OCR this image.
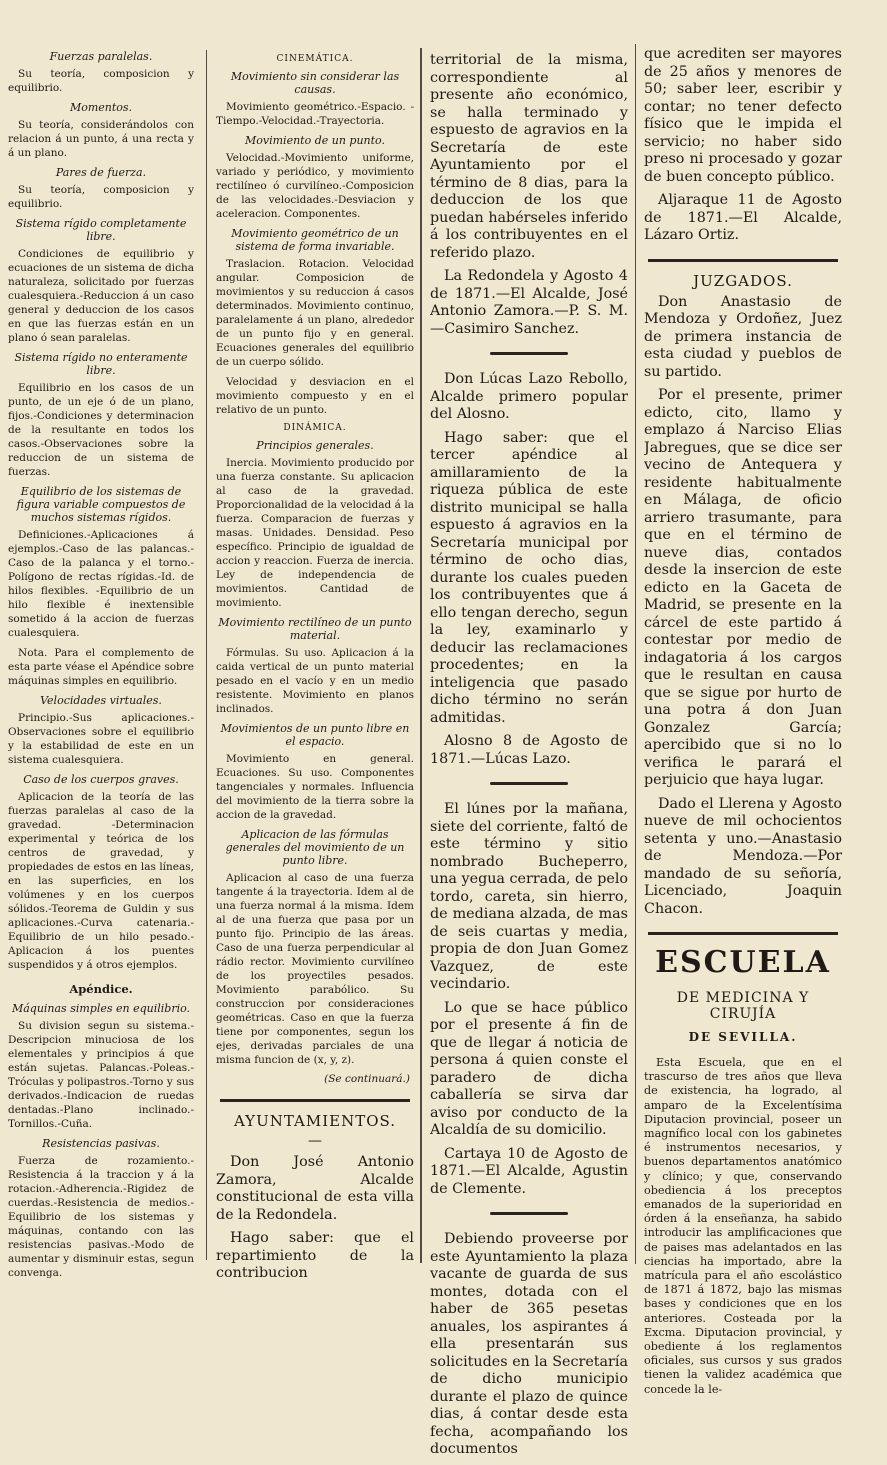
Fuerzas paralelas.

Su teoría, composicion y equilibrio.

Momentos.

Su teoría, considerándolos con relacion á un punto, á una recta y á un plano.

Pares de fuerza.

Su teoría, composicion y equilibrio.

Sistema rígido completamente libre.

Condiciones de equilibrio y ecuaciones de un sistema de dicha naturaleza, solicitado por fuerzas cualesquiera.-Reduccion á un caso general y deduccion de los casos en que las fuerzas están en un plano ó sean paralelas.

Sistema rígido no enteramente libre.

Equilibrio en los casos de un punto, de un eje ó de un plano, fijos.-Condiciones y determinacion de la resultante en todos los casos.-Observaciones sobre la reduccion de un sistema de fuerzas.

Equilibrio de los sistemas de figura variable compuestos de muchos sistemas rígidos.

Definiciones.-Aplicaciones á ejemplos.-Caso de las palancas.-Caso de la palanca y el torno.-Polígono de rectas rígidas.-Id. de hilos flexibles. -Equilibrio de un hilo flexible é inextensible sometido á la accion de fuerzas cualesquiera.

Nota. Para el complemento de esta parte véase el Apéndice sobre máquinas simples en equilibrio.

Velocidades virtuales.

Principio.-Sus aplicaciones.-Observaciones sobre el equilibrio y la estabilidad de este en un sistema cualesquiera.

Caso de los cuerpos graves.

Aplicacion de la teoría de las fuerzas paralelas al caso de la gravedad. -Determinacion experimental y teórica de los centros de gravedad, y propiedades de estos en las líneas, en las superficies, en los volúmenes y en los cuerpos sólidos.-Teorema de Guldin y sus aplicaciones.-Curva catenaria.-Equilibrio de un hilo pesado.-Aplicacion á los puentes suspendidos y á otros ejemplos.

Apéndice.
Máquinas simples en equilibrio.

Su division segun su sistema.-Descripcion minuciosa de los elementales y principios á que están sujetas. Palancas.-Poleas.-Tróculas y polipastros.-Torno y sus derivados.-Indicacion de ruedas dentadas.-Plano inclinado.-Tornillos.-Cuña.

Resistencias pasivas.

Fuerza de rozamiento.-Resistencia á la traccion y á la rotacion.-Adherencia.-Rigidez de cuerdas.-Resistencia de medios.-Equilibrio de los sistemas y máquinas, contando con las resistencias pasivas.-Modo de aumentar y disminuir estas, segun convenga.

CINEMÁTICA.
Movimiento sin considerar las causas.

Movimiento geométrico.-Espacio. -Tiempo.-Velocidad.-Trayectoria.

Movimiento de un punto.

Velocidad.-Movimiento uniforme, variado y periódico, y movimiento rectilíneo ó curvilíneo.-Composicion de las velocidades.-Desviacion y aceleracion. Componentes.

Movimiento geométrico de un sistema de forma invariable.

Traslacion. Rotacion. Velocidad angular. Composicion de movimientos y su reduccion á casos determinados. Movimiento continuo, paralelamente á un plano, alrededor de un punto fijo y en general. Ecuaciones generales del equilibrio de un cuerpo sólido.

Velocidad y desviacion en el movimiento compuesto y en el relativo de un punto.

DINÁMICA.
Principios generales.

Inercia. Movimiento producido por una fuerza constante. Su aplicacion al caso de la gravedad. Proporcionalidad de la velocidad á la fuerza. Comparacion de fuerzas y masas. Unidades. Densidad. Peso específico. Principio de igualdad de accion y reaccion. Fuerza de inercia. Ley de independencia de movimientos. Cantidad de movimiento.

Movimiento rectilíneo de un punto material.

Fórmulas. Su uso. Aplicacion á la caida vertical de un punto material pesado en el vacío y en un medio resistente. Movimiento en planos inclinados.

Movimientos de un punto libre en el espacio.

Movimiento en general. Ecuaciones. Su uso. Componentes tangenciales y normales. Influencia del movimiento de la tierra sobre la accion de la gravedad.

Aplicacion de las fórmulas generales del movimiento de un punto libre.

Aplicacion al caso de una fuerza tangente á la trayectoria. Idem al de una fuerza normal á la misma. Idem al de una fuerza que pasa por un punto fijo. Principio de las áreas. Caso de una fuerza perpendicular al rádio rector. Movimiento curvilíneo de los proyectiles pesados. Movimiento parabólico. Su construccion por consideraciones geométricas. Caso en que la fuerza tiene por componentes, segun los ejes, derivadas parciales de una misma funcion de (x, y, z).

(Se continuará.)
AYUNTAMIENTOS.
—

Don José Antonio Zamora, Alcalde constitucional de esta villa de la Redondela.

Hago saber: que el repartimiento de la contribucion

territorial de la misma, correspondiente al presente año económico, se halla terminado y espuesto de agravios en la Secretaría de este Ayuntamiento por el término de 8 dias, para la deduccion de los que puedan habérseles inferido á los contribuyentes en el referido plazo.

La Redondela y Agosto 4 de 1871.—El Alcalde, José Antonio Zamora.—P. S. M. —Casimiro Sanchez.

Don Lúcas Lazo Rebollo, Alcalde primero popular del Alosno.

Hago saber: que el tercer apéndice al amillaramiento de la riqueza pública de este distrito municipal se halla espuesto á agravios en la Secretaría municipal por término de ocho dias, durante los cuales pueden los contribuyentes que á ello tengan derecho, segun la ley, examinarlo y deducir las reclamaciones procedentes; en la inteligencia que pasado dicho término no serán admitidas.

Alosno 8 de Agosto de 1871.—Lúcas Lazo.

El lúnes por la mañana, siete del corriente, faltó de este término y sitio nombrado Bucheperro, una yegua cerrada, de pelo tordo, careta, sin hierro, de mediana alzada, de mas de seis cuartas y media, propia de don Juan Gomez Vazquez, de este vecindario.

Lo que se hace público por el presente á fin de que de llegar á noticia de persona á quien conste el paradero de dicha caballería se sirva dar aviso por conducto de la Alcaldía de su domicilio.

Cartaya 10 de Agosto de 1871.—El Alcalde, Agustin de Clemente.

Debiendo proveerse por este Ayuntamiento la plaza vacante de guarda de sus montes, dotada con el haber de 365 pesetas anuales, los aspirantes á ella presentarán sus solicitudes en la Secretaría de dicho municipio durante el plazo de quince dias, á contar desde esta fecha, acompañando los documentos

que acrediten ser mayores de 25 años y menores de 50; saber leer, escribir y contar; no tener defecto físico que le impida el servicio; no haber sido preso ni procesado y gozar de buen concepto público.

Aljaraque 11 de Agosto de 1871.—El Alcalde, Lázaro Ortiz.

JUZGADOS.

Don Anastasio de Mendoza y Ordoñez, Juez de primera instancia de esta ciudad y pueblos de su partido.

Por el presente, primer edicto, cito, llamo y emplazo á Narciso Elias Jabregues, que se dice ser vecino de Antequera y residente habitualmente en Málaga, de oficio arriero trasumante, para que en el término de nueve dias, contados desde la insercion de este edicto en la Gaceta de Madrid, se presente en la cárcel de este partido á contestar por medio de indagatoria á los cargos que le resultan en causa que se sigue por hurto de una potra á don Juan Gonzalez García; apercibido que si no lo verifica le parará el perjuicio que haya lugar.

Dado el Llerena y Agosto nueve de mil ochocientos setenta y uno.—Anastasio de Mendoza.—Por mandado de su señoría, Licenciado, Joaquin Chacon.

ESCUELA
DE MEDICINA Y CIRUJÍA
DE SEVILLA.

Esta Escuela, que en el trascurso de tres años que lleva de existencia, ha logrado, al amparo de la Excelentísima Diputacion provincial, poseer un magnífico local con los gabinetes é instrumentos necesarios, y buenos departamentos anatómico y clínico; y que, conservando obediencia á los preceptos emanados de la superioridad en órden á la enseñanza, ha sabido introducir las amplificaciones que de paises mas adelantados en las ciencias ha importado, abre la matrícula para el año escolástico de 1871 á 1872, bajo las mismas bases y condiciones que en los anteriores. Costeada por la Excma. Diputacion provincial, y obediente á los reglamentos oficiales, sus cursos y sus grados tienen la validez académica que concede la le-
